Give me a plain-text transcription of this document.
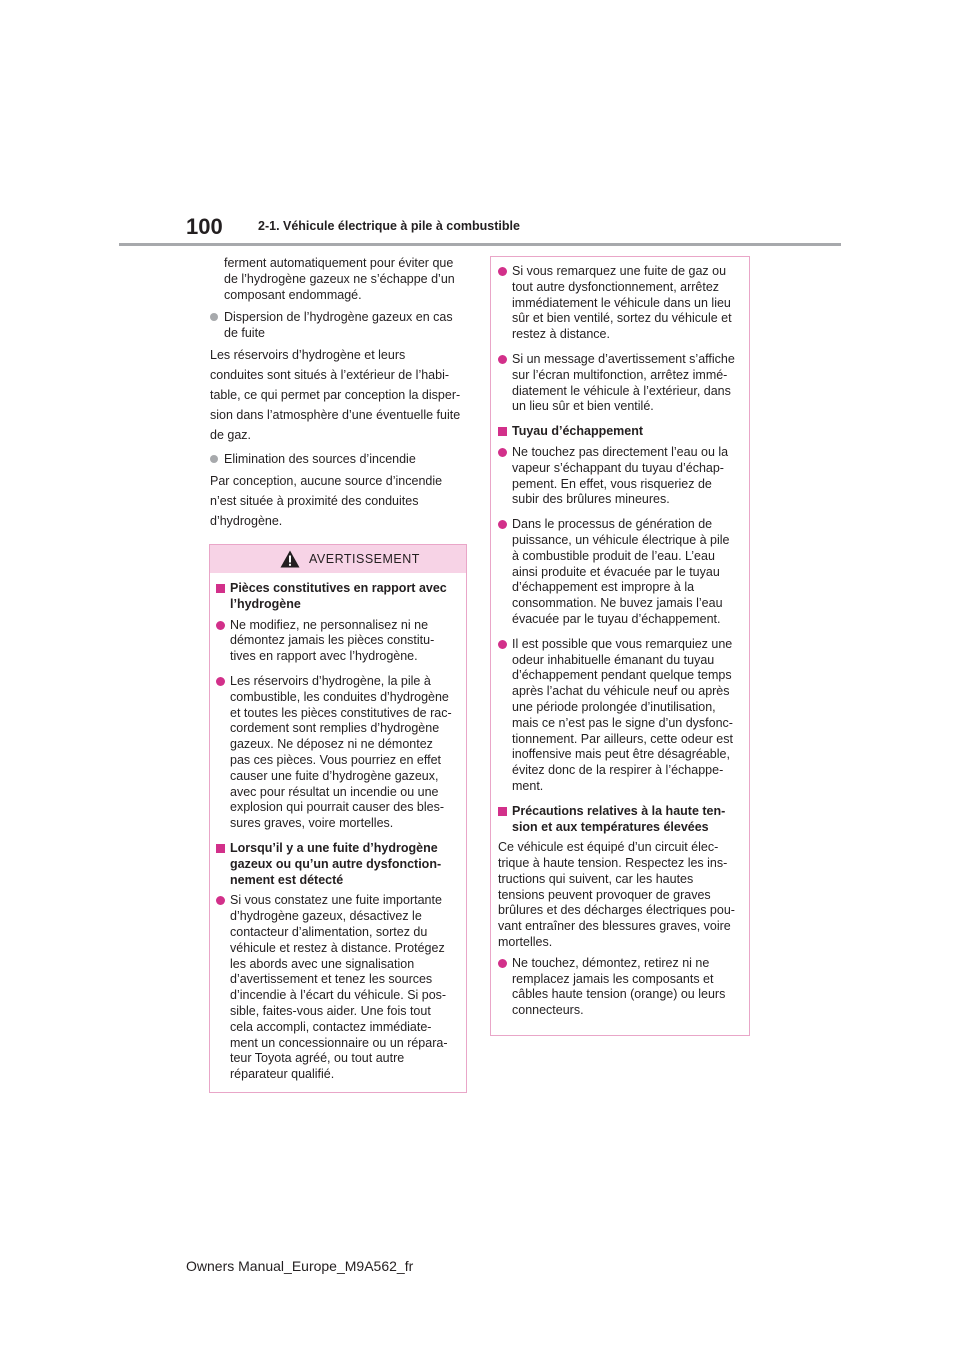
100	2-1. Véhicule électrique à pile à combustible
ferment automatiquement pour éviter que
de l’hydrogène gazeux ne s’échappe d’un
composant endommagé.
Dispersion de l’hydrogène gazeux en cas
de fuite
Les réservoirs d’hydrogène et leurs
conduites sont situés à l’extérieur de l’habi-
table, ce qui permet par conception la disper-
sion dans l’atmosphère d’une éventuelle fuite
de gaz.
Elimination des sources d’incendie
Par conception, aucune source d’incendie
n’est située à proximité des conduites
d’hydrogène.
AVERTISSEMENT
Pièces constitutives en rapport avec
l’hydrogène
Ne modifiez, ne personnalisez ni ne
démontez jamais les pièces constitu-
tives en rapport avec l’hydrogène.
Les réservoirs d’hydrogène, la pile à
combustible, les conduites d’hydrogène
et toutes les pièces constitutives de rac-
cordement sont remplies d’hydrogène
gazeux. Ne déposez ni ne démontez
pas ces pièces. Vous pourriez en effet
causer une fuite d’hydrogène gazeux,
avec pour résultat un incendie ou une
explosion qui pourrait causer des bles-
sures graves, voire mortelles.
Lorsqu’il y a une fuite d’hydrogène
gazeux ou qu’un autre dysfonction-
nement est détecté
Si vous constatez une fuite importante
d’hydrogène gazeux, désactivez le
contacteur d’alimentation, sortez du
véhicule et restez à distance. Protégez
les abords avec une signalisation
d’avertissement et tenez les sources
d’incendie à l’écart du véhicule. Si pos-
sible, faites-vous aider. Une fois tout
cela accompli, contactez immédiate-
ment un concessionnaire ou un répara-
teur Toyota agréé, ou tout autre
réparateur qualifié.
Si vous remarquez une fuite de gaz ou
tout autre dysfonctionnement, arrêtez
immédiatement le véhicule dans un lieu
sûr et bien ventilé, sortez du véhicule et
restez à distance.
Si un message d’avertissement s’affiche
sur l’écran multifonction, arrêtez immé-
diatement le véhicule à l’extérieur, dans
un lieu sûr et bien ventilé.
Tuyau d’échappement
Ne touchez pas directement l’eau ou la
vapeur s’échappant du tuyau d’échap-
pement. En effet, vous risqueriez de
subir des brûlures mineures.
Dans le processus de génération de
puissance, un véhicule électrique à pile
à combustible produit de l’eau. L’eau
ainsi produite et évacuée par le tuyau
d’échappement est impropre à la
consommation. Ne buvez jamais l’eau
évacuée par le tuyau d’échappement.
Il est possible que vous remarquiez une
odeur inhabituelle émanant du tuyau
d’échappement pendant quelque temps
après l’achat du véhicule neuf ou après
une période prolongée d’inutilisation,
mais ce n’est pas le signe d’un dysfonc-
tionnement. Par ailleurs, cette odeur est
inoffensive mais peut être désagréable,
évitez donc de la respirer à l’échappe-
ment.
Précautions relatives à la haute ten-
sion et aux températures élevées
Ce véhicule est équipé d’un circuit élec-
trique à haute tension. Respectez les ins-
tructions qui suivent, car les hautes
tensions peuvent provoquer de graves
brûlures et des décharges électriques pou-
vant entraîner des blessures graves, voire
mortelles.
Ne touchez, démontez, retirez ni ne
remplacez jamais les composants et
câbles haute tension (orange) ou leurs
connecteurs.
Owners Manual_Europe_M9A562_fr
